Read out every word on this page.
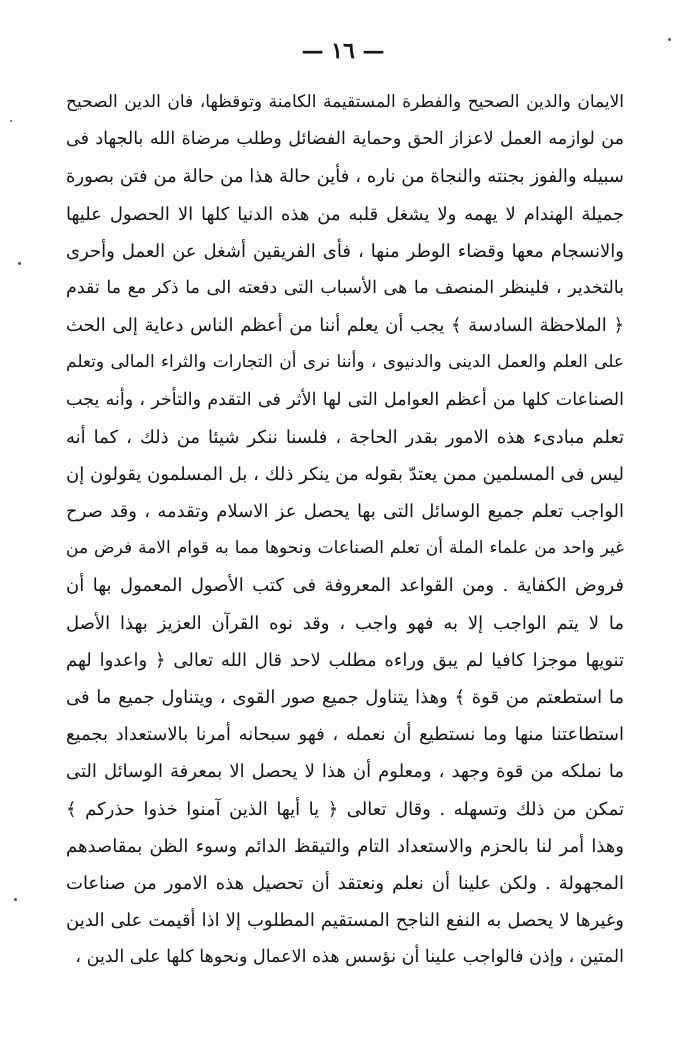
— ١٦ —
الايمان والدين الصحيح والفطرة المستقيمة الكامنة وتوقظها، فان الدين الصحيح
من لوازمه العمل لاعزاز الحق وحماية الفضائل وطلب مرضاة الله بالجهاد فى
سبيله والفوز بجنته والنجاة من ناره ، فأين حالة هذا من حالة من فتن بصورة
جميلة الهندام لا يهمه ولا يشغل قلبه من هذه الدنيا كلها الا الحصول عليها
والانسجام معها وقضاء الوطر منها ، فأى الفريقين أشغل عن العمل وأحرى
بالتخدير ، فلينظر المنصف ما هى الأسباب التى دفعته الى ما ذكر مع ما تقدم
﴿ الملاحظة السادسة ﴾ يجب أن يعلم أننا من أعظم الناس دعاية إلى الحث
على العلم والعمل الدينى والدنيوى ، وأننا نرى أن التجارات والثراء المالى وتعلم
الصناعات كلها من أعظم العوامل التى لها الأثر فى التقدم والتأخر ، وأنه يجب
تعلم مبادىء هذه الامور بقدر الحاجة ، فلسنا ننكر شيئا من ذلك ، كما أنه
ليس فى المسلمين ممن يعتدّ بقوله من ينكر ذلك ، بل المسلمون يقولون إن
الواجب تعلم جميع الوسائل التى بها يحصل عز الاسلام وتقدمه ، وقد صرح
غير واحد من علماء الملة أن تعلم الصناعات ونحوها مما به قوام الامة فرض من
فروض الكفاية . ومن القواعد المعروفة فى كتب الأصول المعمول بها أن
ما لا يتم الواجب إلا به فهو واجب ، وقد نوه القرآن العزيز بهذا الأصل
تنويها موجزا كافيا لم يبق وراءه مطلب لاحد قال الله تعالى ﴿ واعدوا لهم
ما استطعتم من قوة ﴾ وهذا يتناول جميع صور القوى ، ويتناول جميع ما فى
استطاعتنا منها وما نستطيع أن نعمله ، فهو سبحانه أمرنا بالاستعداد بجميع
ما نملكه من قوة وجهد ، ومعلوم أن هذا لا يحصل الا بمعرفة الوسائل التى
تمكن من ذلك وتسهله . وقال تعالى ﴿ يا أيها الذين آمنوا خذوا حذركم ﴾
وهذا أمر لنا بالحزم والاستعداد التام والتيقظ الدائم وسوء الظن بمقاصدهم
المجهولة . ولكن علينا أن نعلم ونعتقد أن تحصيل هذه الامور من صناعات
وغيرها لا يحصل به النفع الناجح المستقيم المطلوب إلا اذا أقيمت على الدين
المتين ، وإذن فالواجب علينا أن نؤسس هذه الاعمال ونحوها كلها على الدين ،
